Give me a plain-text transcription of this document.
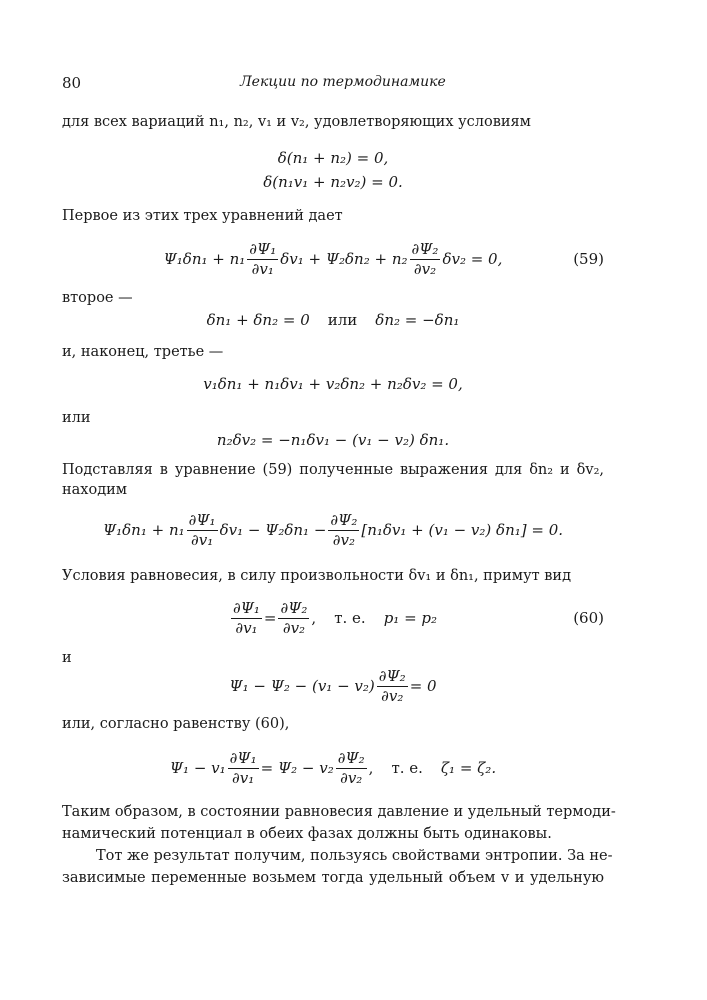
80	Лекции по термодинамике
для всех вариаций n₁, n₂, v₁ и v₂, удовлетворяющих условиям
δ(n₁ + n₂) = 0,
δ(n₁v₁ + n₂v₂) = 0.
Первое из этих трех уравнений дает
$\Psi_1\delta n_1 + n_1 \frac{\text{∂Ψ₁}}{\text{∂v₁}} \delta v_1 + \Psi_2\delta n_2 + n_2 \frac{\text{∂Ψ₂}}{\text{∂v₂}} \delta v_2 = 0$,	(59)
второе —
δn₁ + δn₂ = 0 или δn₂ = −δn₁
и, наконец, третье —
v₁δn₁ + n₁δv₁ + v₂δn₂ + n₂δv₂ = 0,
или
n₂δv₂ = −n₁δv₁ − (v₁ − v₂) δn₁.
Подставляя в уравнение (59) полученные выражения для δn₂ и δv₂,
находим
$\Psi_1\delta n_1 + n_1 \frac{\text{∂Ψ₁}}{\text{∂v₁}} \delta v_1 - \Psi_2\delta n_1 - \frac{\text{∂Ψ₂}}{\text{∂v₂}} [n_1\delta v_1 + (v_1 - v_2) \delta n_1] = 0$.
Условия равновесия, в силу произвольности δv₁ и δn₁, примут вид
$\frac{\text{∂Ψ₁}}{\text{∂v₁}} = \frac{\text{∂Ψ₂}}{\text{∂v₂}}$ , т. е. p₁ = p₂	(60)
и
$\Psi_1 - \Psi_2 - (v_1 - v_2) \frac{\text{∂Ψ₂}}{\text{∂v₂}} = 0$
или, согласно равенству (60),
$\Psi_1 - v_1 \frac{\text{∂Ψ₁}}{\text{∂v₁}} = \Psi_2 - v_2 \frac{\text{∂Ψ₂}}{\text{∂v₂}}$ , т. е. ζ₁ = ζ₂.
Таким образом, в состоянии равновесия давление и удельный термоди-
намический потенциал в обеих фазах должны быть одинаковы.
Тот же результат получим, пользуясь свойствами энтропии. За не-
зависимые переменные возьмем тогда удельный объем v и удельную
